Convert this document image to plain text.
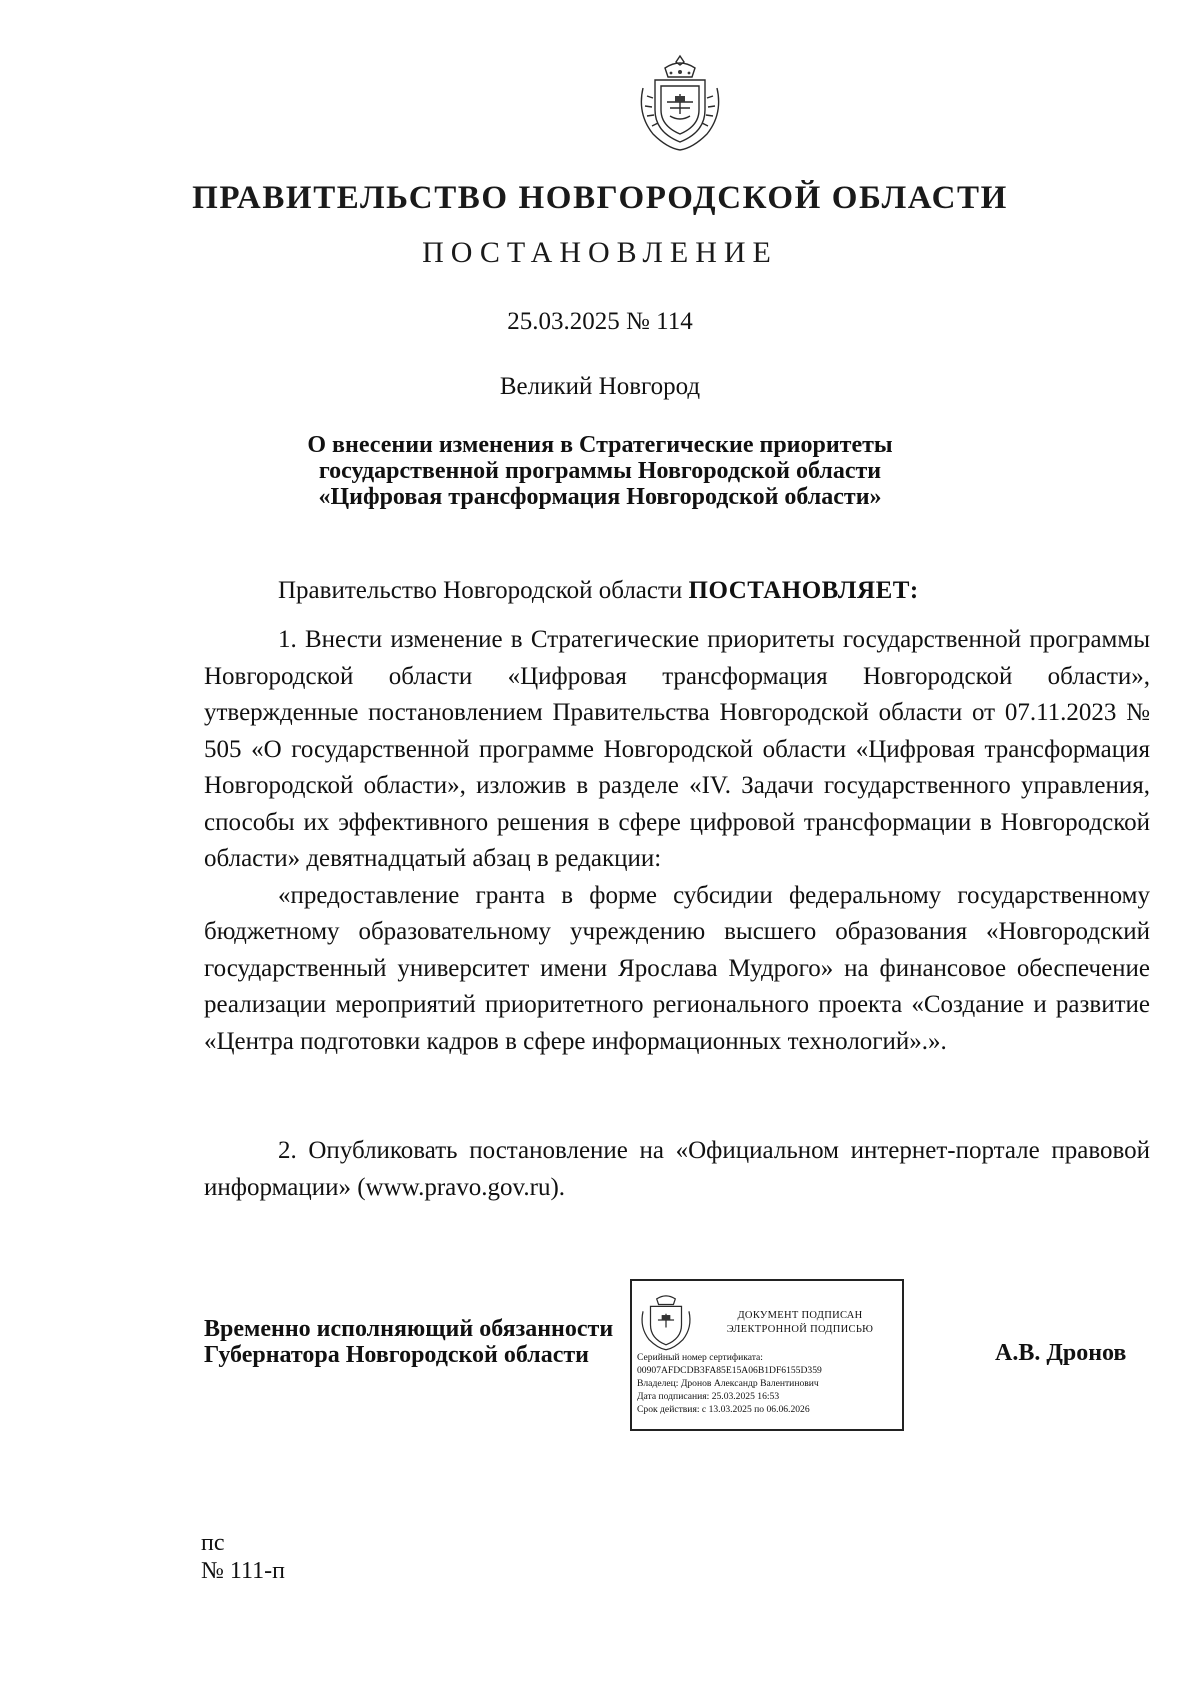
ПРАВИТЕЛЬСТВО НОВГОРОДСКОЙ ОБЛАСТИ
ПОСТАНОВЛЕНИЕ
25.03.2025 № 114
Великий Новгород
О внесении изменения в Стратегические приоритеты
государственной программы Новгородской области
«Цифровая трансформация Новгородской области»
Правительство Новгородской области ПОСТАНОВЛЯЕТ:

1. Внести изменение в Стратегические приоритеты государственной программы Новгородской области «Цифровая трансформация Новгородской области», утвержденные постановлением Правительства Новгородской области от 07.11.2023 № 505 «О государственной программе Новгородской области «Цифровая трансформация Новгородской области», изложив в разделе «IV. Задачи государственного управления, способы их эффективного решения в сфере цифровой трансформации в Новгородской области» девятнадцатый абзац в редакции:

«предоставление гранта в форме субсидии федеральному государственному бюджетному образовательному учреждению высшего образования «Новгородский государственный университет имени Ярослава Мудрого» на финансовое обеспечение реализации мероприятий приоритетного регионального проекта «Создание и развитие «Центра подготовки кадров в сфере информационных технологий».».

2. Опубликовать постановление на «Официальном интернет-портале правовой информации» (www.pravo.gov.ru).

Временно исполняющий обязанности
Губернатора Новгородской области
ДОКУМЕНТ ПОДПИСАН
ЭЛЕКТРОННОЙ ПОДПИСЬЮ
Серийный номер сертификата:
00907AFDCDB3FA85E15A06B1DF6155D359
Владелец: Дронов Александр Валентинович
Дата подписания: 25.03.2025 16:53
Срок действия: с 13.03.2025 по 06.06.2026
А.В. Дронов
пс
№ 111-п
